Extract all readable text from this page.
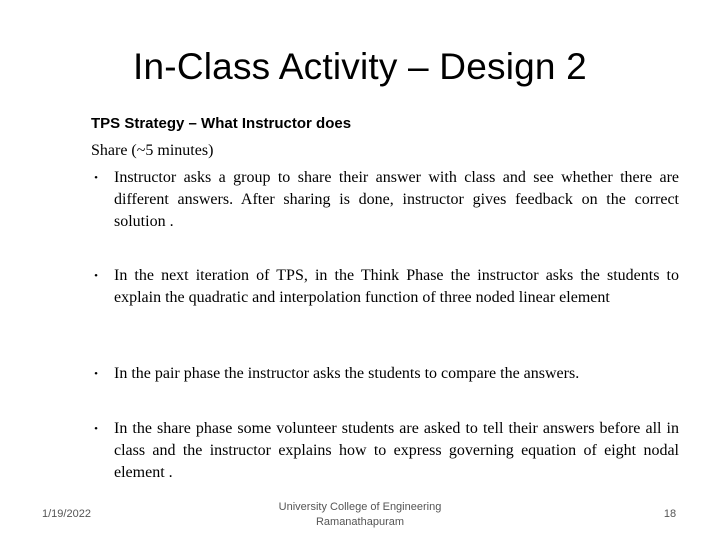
In-Class Activity – Design 2
TPS Strategy – What Instructor does
Share (~5 minutes)
• Instructor asks a group to share their answer with class and see whether there are different answers. After sharing is done, instructor gives feedback on the correct solution .
• In the next iteration of TPS, in the Think Phase the instructor asks the students to explain the quadratic and interpolation function of three noded linear element
• In the pair phase the instructor asks the students to compare the answers.
• In the share phase some volunteer students are asked to tell their answers before all in class and the instructor explains how to express governing equation of eight nodal element .
1/19/2022
University College of Engineering
Ramanathapuram
18
